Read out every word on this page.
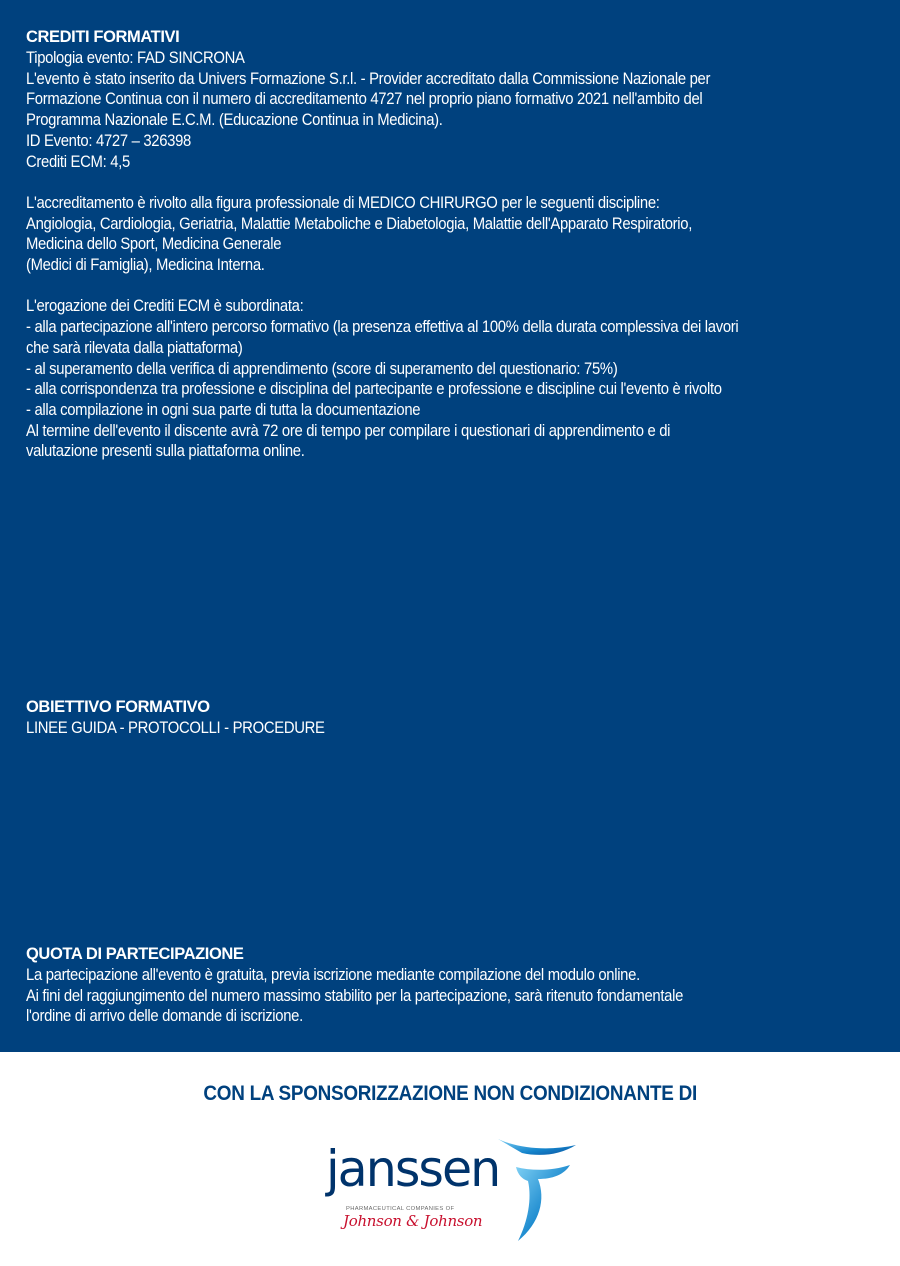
CREDITI FORMATIVI
Tipologia evento: FAD SINCRONA
L'evento è stato inserito da Univers Formazione S.r.l. - Provider accreditato dalla Commissione Nazionale per
Formazione Continua con il numero di accreditamento 4727 nel proprio piano formativo 2021 nell'ambito del
Programma Nazionale E.C.M. (Educazione Continua in Medicina).
ID Evento: 4727 – 326398
Crediti ECM: 4,5
L'accreditamento è rivolto alla figura professionale di MEDICO CHIRURGO per le seguenti discipline:
Angiologia, Cardiologia, Geriatria, Malattie Metaboliche e Diabetologia, Malattie dell'Apparato Respiratorio,
Medicina dello Sport, Medicina Generale
(Medici di Famiglia), Medicina Interna.
L'erogazione dei Crediti ECM è subordinata:
- alla partecipazione all'intero percorso formativo (la presenza effettiva al 100% della durata complessiva dei lavori
che sarà rilevata dalla piattaforma)
- al superamento della verifica di apprendimento (score di superamento del questionario: 75%)
- alla corrispondenza tra professione e disciplina del partecipante e professione e discipline cui l'evento è rivolto
- alla compilazione in ogni sua parte di tutta la documentazione
Al termine dell'evento il discente avrà 72 ore di tempo per compilare i questionari di apprendimento e di
valutazione presenti sulla piattaforma online.
OBIETTIVO FORMATIVO
LINEE GUIDA - PROTOCOLLI - PROCEDURE
QUOTA DI PARTECIPAZIONE
La partecipazione all'evento è gratuita, previa iscrizione mediante compilazione del modulo online.
Ai fini del raggiungimento del numero massimo stabilito per la partecipazione, sarà ritenuto fondamentale
l'ordine di arrivo delle domande di iscrizione.
CON LA SPONSORIZZAZIONE NON CONDIZIONANTE DI
janssen
PHARMACEUTICAL COMPANIES OF
Johnson & Johnson
